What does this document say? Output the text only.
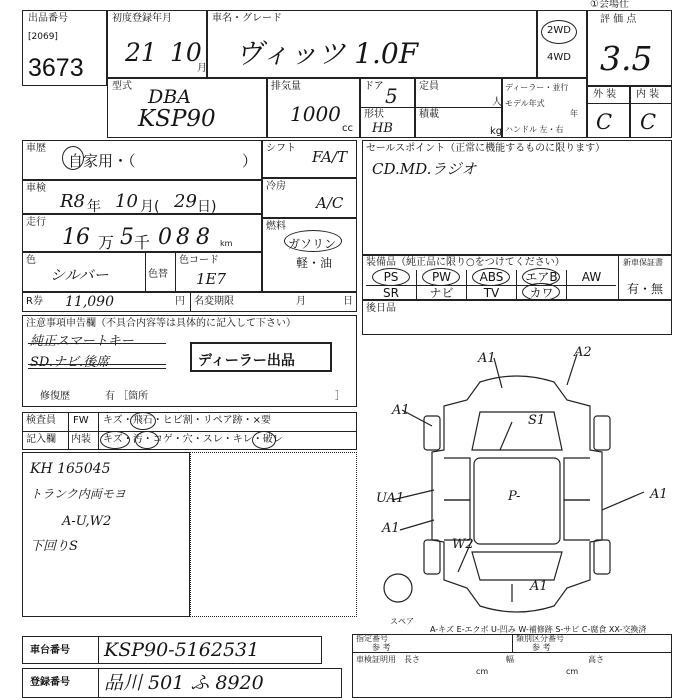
出品番号
[2069]
3673
初度登録年月
21 10
月
車名・グレード
ヴィッツ 1.0F
2WD
4WD
評 価 点
3.5
①会場仕
型式 DBA
KSP90
排気量
1000
cc
ドア 5
形状
HB
定員
人
積載
kg
ディーラー・並行
モデル年式
年
ハンドル 左・右
外 装 内 装
C C
車歴
自家用・（	）
車検
R8 年 10 月( 29 日)
走行
16 万 5 千 0 8 8 km
色
シルバー	色替
色コード
1E7
R券 11,090	円 名変期限	月	日
シフト FA/T
冷房
A/C
燃料
ガソリン
軽・油
セールスポイント（正常に機能するものに限ります）
CD.MD.ラジオ
装備品（純正品に限り○をつけてください）	新車保証書
有・無
PS	PW	ABS	エアB	AW
SR	ナビ	TV	カワ
後日品
注意事項申告欄（不具合内容等は具体的に記入して下さい）
純正スマートキー
SD.ナビ.後席	ディーラー出品
修復歴	有 ［箇所	］
検査員
記入欄
FW キズ・飛石・ヒビ割・リペア跡・×要
内装 キズ・汚・コゲ・穴・スレ・キレ・破レ
KH 165045
トランク内両モヨ
A-U,W2
下回りS
A1	A2
A1
S1
UA1
A1
A1
P-
W2
A1
スペア
A-キズ E-エクボ U-凹み W-補修跡 S-サビ C-腐食 XX-交換済
車台番号 KSP90-5162531
登録番号 品川 501 ふ 8920
指定番号
参 考
類別区分番号
参 考
車検証明用 長さ	幅	高さ
cm	cm
